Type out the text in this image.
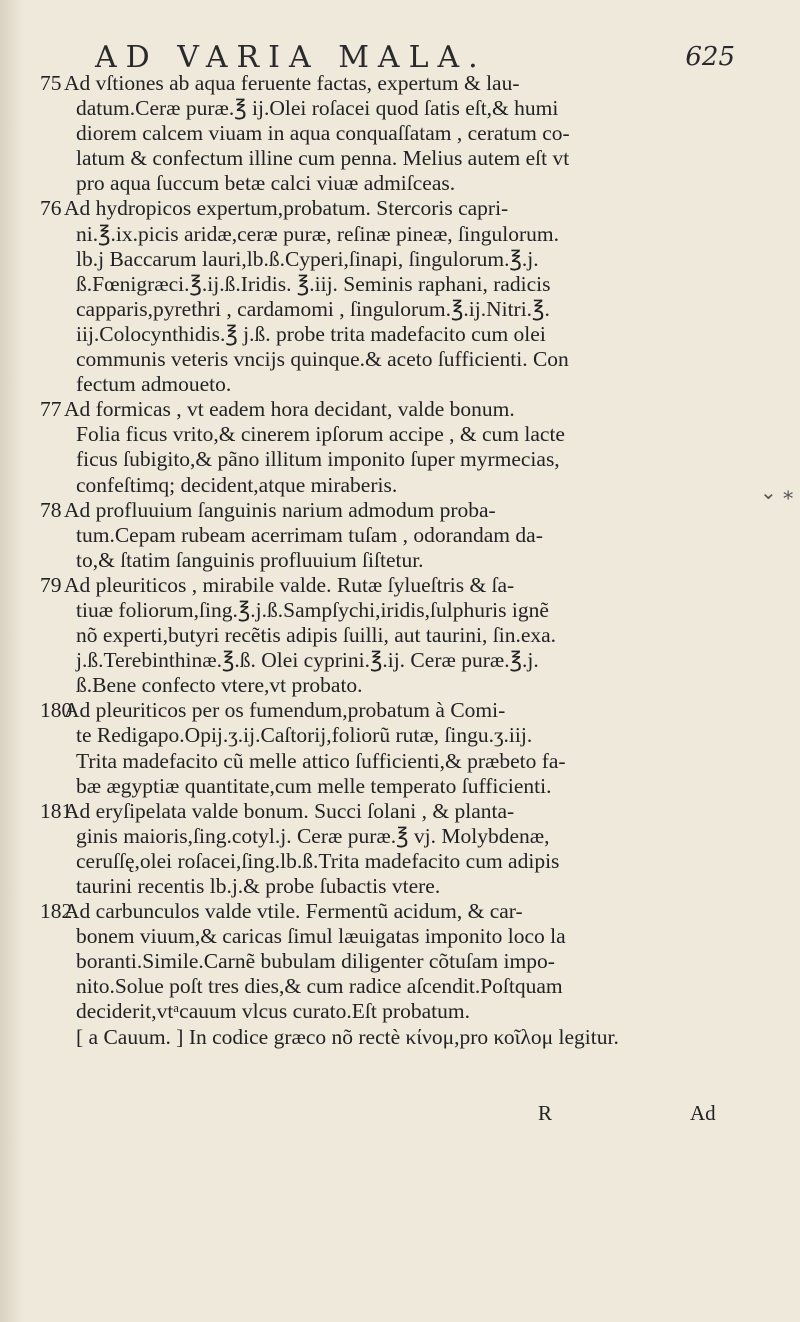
AD VARIA MALA.	625
75 Ad vſtiones ab aqua feruente factas, expertum & lau-
datum.Ceræ puræ.℥ ij.Olei roſacei quod ſatis eſt,& humi
diorem calcem viuam in aqua conquaſſatam , ceratum co-
latum & confectum illine cum penna. Melius autem eſt vt
pro aqua ſuccum betæ calci viuæ admiſceas.
76 Ad hydropicos expertum,probatum. Stercoris capri-
ni.℥.ix.picis aridæ,ceræ puræ, reſinæ pineæ, ſingulorum.
lb.j Baccarum lauri,lb.ß.Cyperi,ſinapi, ſingulorum.℥.j.
ß.Fœnigræci.℥.ij.ß.Iridis. ℥.iij. Seminis raphani, radicis
capparis,pyrethri , cardamomi , ſingulorum.℥.ij.Nitri.℥.
iij.Colocynthidis.℥ j.ß. probe trita madefacito cum olei
communis veteris vncijs quinque.& aceto ſufficienti. Con
fectum admoueto.
77 Ad formicas , vt eadem hora decidant, valde bonum.
Folia ficus vrito,& cinerem ipſorum accipe , & cum lacte
ficus ſubigito,& pãno illitum imponito ſuper myrmecias,
confeſtimq; decident,atque miraberis.
78 Ad profluuium ſanguinis narium admodum proba-
tum.Cepam rubeam acerrimam tuſam , odorandam da-
to,& ſtatim ſanguinis profluuium ſiſtetur.
79 Ad pleuriticos , mirabile valde. Rutæ ſylueſtris & ſa-
tiuæ foliorum,ſing.℥.j.ß.Sampſychi,iridis,ſulphuris ignẽ
nõ experti,butyri recẽtis adipis ſuilli, aut taurini, ſin.exa.
j.ß.Terebinthinæ.℥.ß. Olei cyprini.℥.ij. Ceræ puræ.℥.j.
ß.Bene confecto vtere,vt probato.
180Ad pleuriticos per os fumendum,probatum à Comi-
te Redigapo.Opij.ʒ.ij.Caſtorij,foliorũ rutæ, ſingu.ʒ.iij.
Trita madefacito cũ melle attico ſufficienti,& præbeto fa-
bæ ægyptiæ quantitate,cum melle temperato ſufficienti.
181Ad eryſipelata valde bonum. Succi ſolani , & planta-
ginis maioris,ſing.cotyl.j. Ceræ puræ.℥ vj. Molybdenæ,
ceruſſę,olei roſacei,ſing.lb.ß.Trita madefacito cum adipis
taurini recentis lb.j.& probe ſubactis vtere.
182Ad carbunculos valde vtile. Fermentũ acidum, & car-
bonem viuum,& caricas ſimul læuigatas imponito loco la
boranti.Simile.Carnẽ bubulam diligenter cõtuſam impo-
nito.Solue poſt tres dies,& cum radice aſcendit.Poſtquam
deciderit,vtᵃcauum vlcus curato.Eſt probatum.
[ a Cauum. ] In codice græco nõ rectè κίνομ,pro κοῖλομ legitur.
R	Ad
⌄ ⁎
